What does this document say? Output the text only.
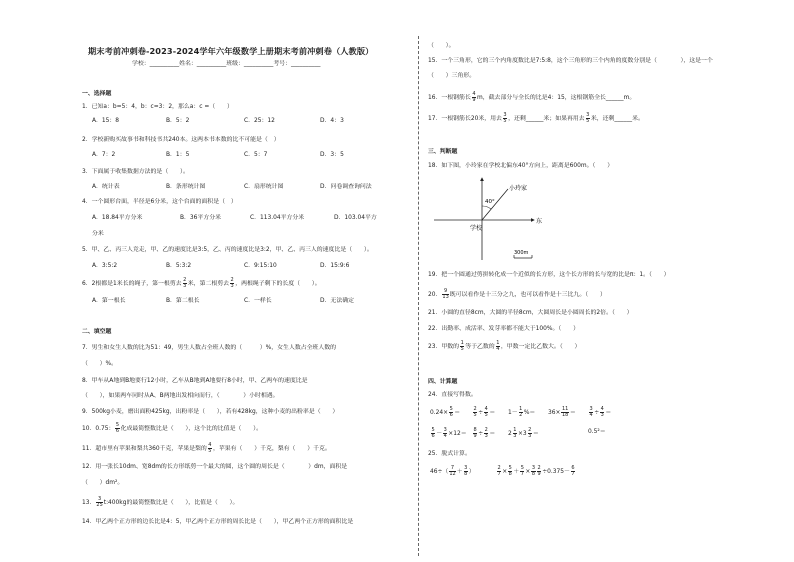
期末考前冲刺卷-2023-2024学年六年级数学上册期末考前冲刺卷（人教版）
学校：__________姓名：__________班级：__________考号：__________
一、选择题
1．已知a：b=5：4，b：c=3：2，那么a：c =（　　）
A．15：8	B．5：2	C．25：12	D．4：3
2．学校新购买故事书和科技书共240本。这两本书本数的比不可能是（　）
A．7：2	B．1：5	C．5：7	D．3：5
3．下面属于收集数据方法的是（　　）。
A．统计表	B．条形统计图	C．扇形统计图	D．问卷调查询问法
4．一个圆形台面，半径是6分米，这个台面的面积是（　）
A．18.84平方分米	B．36平方分米	C．113.04平方分米	D．103.04平方
分米
5．甲、乙、丙三人竞走，甲、乙的速度比是3:5，乙、丙的速度比是3:2，甲、乙、丙三人的速度比是（　　）。
A．3:5:2	B．5:3:2	C．9:15:10	D．15:9:6
6．2根都是1米长的绳子，第一根剪去 $\frac{2}{3}$ 米，第二根剪去 $\frac{2}{3}$ ，两根绳子剩下的长度（　　）。
A．第一根长	B．第二根长	C．一样长	D．无法确定
二、填空题
7．男生和女生人数的比为51：49，男生人数占全班人数的（　　　）%，女生人数占全班人数的
（　　）%。
8．甲车从A地到B地要行12小时，乙车从B地到A地要行8小时，甲、乙两车的速度比是
（　　），如果两车同时从A、B两地出发相向而行，（　　　　）小时相遇。
9．500kg小麦，磨出面粉425kg，出粉率是（　　），若有428kg，这种小麦的出粉率是（　　）
10．0.75： $\frac{5}{6}$ 化成最简整数比是（　　），这个比的比值是（　　）。
11．超市里有苹果和梨共360千克，苹果是梨的 $\frac{4}{5}$ ，苹果有（　　）千克，梨有（　　）千克。
12．用一张长10dm、宽8dm的长方形纸剪一个最大的圆，这个圆的周长是（　　　　）dm，面积是
（　　）dm²。
13． $\frac{3}{25}$ t:400kg的最简整数比是（　　），比值是（　　）。
14．甲乙两个正方形的边长比是4：5，甲乙两个正方形的周长比是（　　），甲乙两个正方形的面积比是
（　　）。
15．一个三角形，它的三个内角度数比是7:5:8，这个三角形的三个内角的度数分别是（　　　　），这是一个
（　　）三角形。
16．一根钢筋长 $\frac{4}{9}$ m，截去部分与全长的比是4：15，这根钢筋全长______m。
17．一根钢筋长20米，用去 $\frac{3}{5}$ ，还剩______米；如果再用去 $\frac{3}{5}$ 米，还剩______米。
三、判断题
18．如下图，小玲家在学校北偏东40°方向上，距离是600m。（　　）
小玲家
40°
东
学校
300m
19．把一个圆通过剪拼转化成一个近似的长方形，这个长方形的长与宽的比是π：1。（　　）
20． $\frac{9}{13}$ 既可以看作是十三分之九，也可以看作是十三比九。（　　）
21．小圆的直径8cm，大圆的半径8cm，大圆周长是小圆周长的2倍。（　　）
22．出勤率、成活率、发芽率都不能大于100%。（　　）
23．甲数的 $\frac{1}{5}$ 等于乙数的 $\frac{1}{4}$ ，甲数一定比乙数大。（　　）
四、计算题
24．直接写得数。
$0.24\times \frac{5}{6}$ ＝	$\frac{2}{5} \div \frac{4}{5} = 1- \frac{1}{2}$ %＝ $36\times \frac{11}{18}$ ＝	$\frac{3}{4} \div \frac{4}{3}$ ＝
$\frac{5}{6} - \frac{3}{4} \times 12= \frac{8}{9} \div \frac{2}{3} = 2 \frac{1}{3} \times 3 \frac{2}{3}$ ＝	0.5²＝
25．脱式计算。
$46\div( \frac{7}{12} + \frac{3}{8}$ ）	$\frac{2}{7} \times \frac{5}{8} + \frac{5}{7} \times \frac{3}{8} \frac{2}{9} \div 0.375- \frac{6}{7}$
